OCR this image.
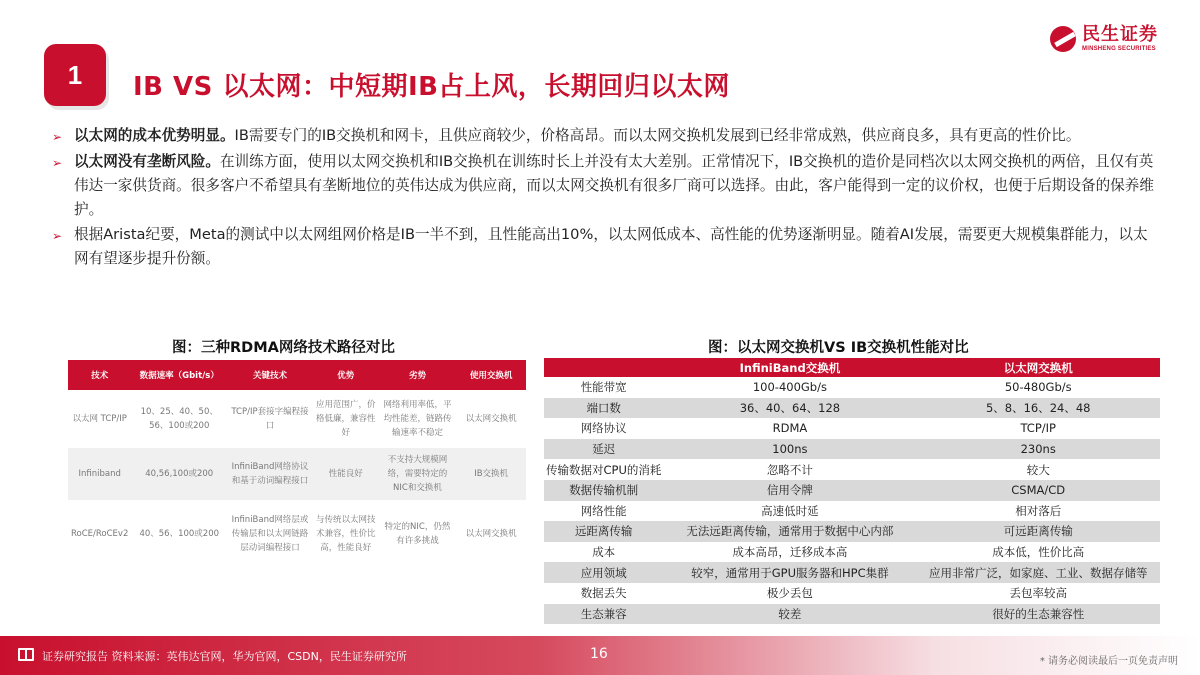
1	IB VS 以太网：中短期IB占上风，长期回归以太网
民生证券
MINSHENG SECURITIES
➢ 以太网的成本优势明显。IB需要专门的IB交换机和网卡，且供应商较少，价格高昂。而以太网交换机发展到已经非常成熟，供应商良多，具有更高的性价比。
➢ 以太网没有垄断风险。在训练方面，使用以太网交换机和IB交换机在训练时长上并没有太大差别。正常情况下，IB交换机的造价是同档次以太网交换机的两倍，且仅有英伟达一家供货商。很多客户不希望具有垄断地位的英伟达成为供应商，而以太网交换机有很多厂商可以选择。由此，客户能得到一定的议价权，也便于后期设备的保养维护。
➢ 根据Arista纪要，Meta的测试中以太网组网价格是IB一半不到，且性能高出10%，以太网低成本、高性能的优势逐渐明显。随着AI发展，需要更大规模集群能力，以太网有望逐步提升份额。
图：三种RDMA网络技术路径对比	图：以太网交换机VS IB交换机性能对比
技术	数据速率（Gbit/s）	关键技术	优势	劣势	使用交换机
以太网 TCP/IP	10、25、40、50、56、100或200	TCP/IP套接字编程接口	应用范围广，价格低廉，兼容性好	网络利用率低，平均性能差，链路传输速率不稳定	以太网交换机
Infiniband	40,56,100或200	InfiniBand网络协议和基于动词编程接口	性能良好	不支持大规模网络，需要特定的NIC和交换机	IB交换机
RoCE/RoCEv2	40、56、100或200	InfiniBand网络层或传输层和以太网链路层动词编程接口	与传统以太网技术兼容，性价比高，性能良好	特定的NIC，仍然有许多挑战	以太网交换机
	InfiniBand交换机	以太网交换机
性能带宽	100-400Gb/s	50-480Gb/s
端口数	36、40、64、128	5、8、16、24、48
网络协议	RDMA	TCP/IP
延迟	100ns	230ns
传输数据对CPU的消耗	忽略不计	较大
数据传输机制	信用令牌	CSMA/CD
网络性能	高速低时延	相对落后
远距离传输	无法远距离传输，通常用于数据中心内部	可远距离传输
成本	成本高昂，迁移成本高	成本低，性价比高
应用领域	较窄，通常用于GPU服务器和HPC集群	应用非常广泛，如家庭、工业、数据存储等
数据丢失	极少丢包	丢包率较高
生态兼容	较差	很好的生态兼容性
证券研究报告 资料来源：英伟达官网，华为官网，CSDN，民生证券研究所	16	* 请务必阅读最后一页免责声明
